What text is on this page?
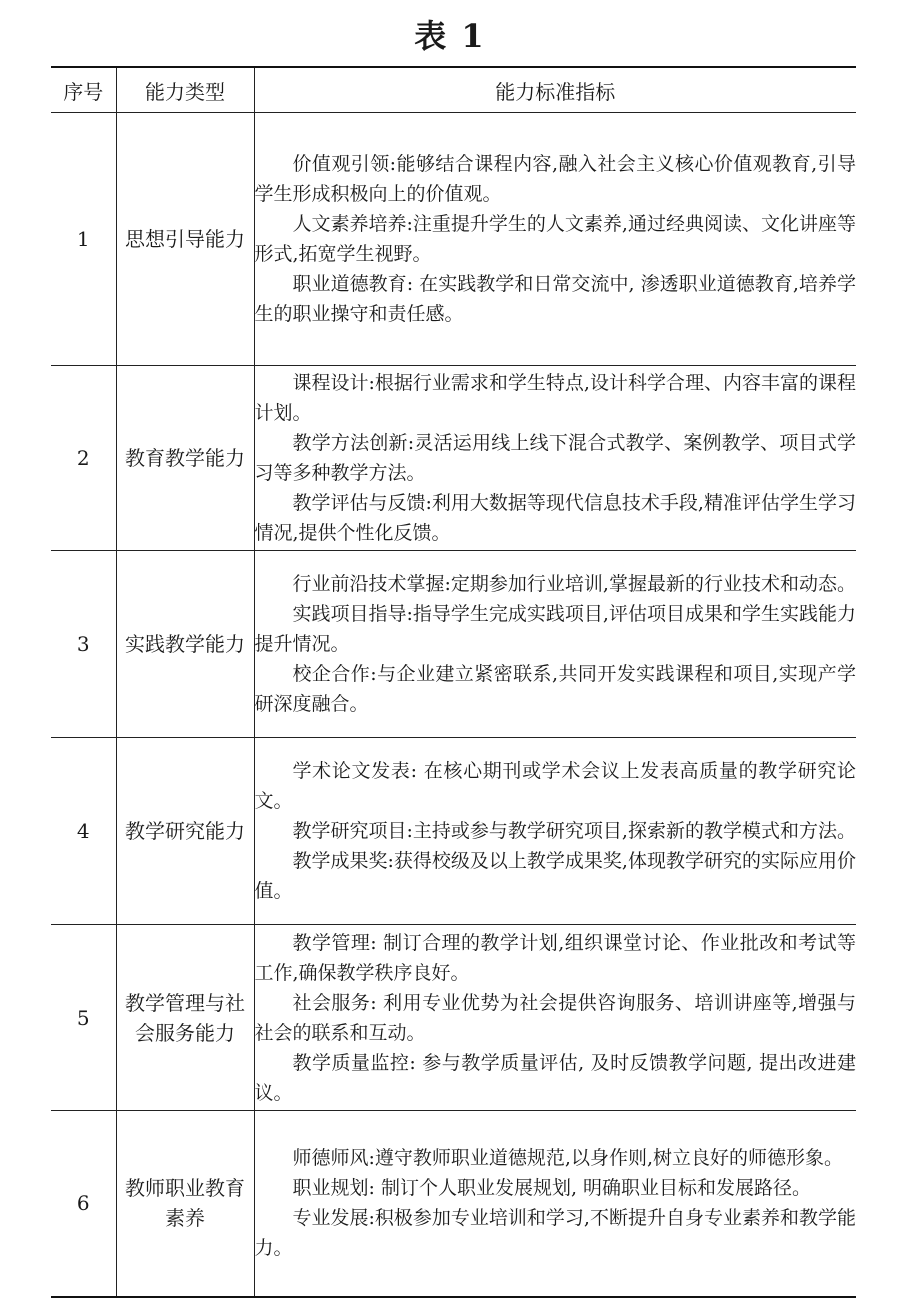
表 1
序号	能力类型	能力标准指标
1	思想引导能力	价值观引领:能够结合课程内容,融入社会主义核心价值观教育,引导学生形成积极向上的价值观。

人文素养培养:注重提升学生的人文素养,通过经典阅读、文化讲座等形式,拓宽学生视野。

职业道德教育: 在实践教学和日常交流中, 渗透职业道德教育,培养学生的职业操守和责任感。

2	教育教学能力	课程设计:根据行业需求和学生特点,设计科学合理、内容丰富的课程计划。

教学方法创新:灵活运用线上线下混合式教学、案例教学、项目式学习等多种教学方法。

教学评估与反馈:利用大数据等现代信息技术手段,精准评估学生学习情况,提供个性化反馈。

3	实践教学能力	行业前沿技术掌握:定期参加行业培训,掌握最新的行业技术和动态。

实践项目指导:指导学生完成实践项目,评估项目成果和学生实践能力提升情况。

校企合作:与企业建立紧密联系,共同开发实践课程和项目,实现产学研深度融合。

4	教学研究能力	学术论文发表: 在核心期刊或学术会议上发表高质量的教学研究论文。

教学研究项目:主持或参与教学研究项目,探索新的教学模式和方法。

教学成果奖:获得校级及以上教学成果奖,体现教学研究的实际应用价值。

5	教学管理与社会服务能力	教学管理: 制订合理的教学计划,组织课堂讨论、作业批改和考试等工作,确保教学秩序良好。

社会服务: 利用专业优势为社会提供咨询服务、培训讲座等,增强与社会的联系和互动。

教学质量监控: 参与教学质量评估, 及时反馈教学问题, 提出改进建议。

6	教师职业教育素养	师德师风:遵守教师职业道德规范,以身作则,树立良好的师德形象。

职业规划: 制订个人职业发展规划, 明确职业目标和发展路径。

专业发展:积极参加专业培训和学习,不断提升自身专业素养和教学能力。
